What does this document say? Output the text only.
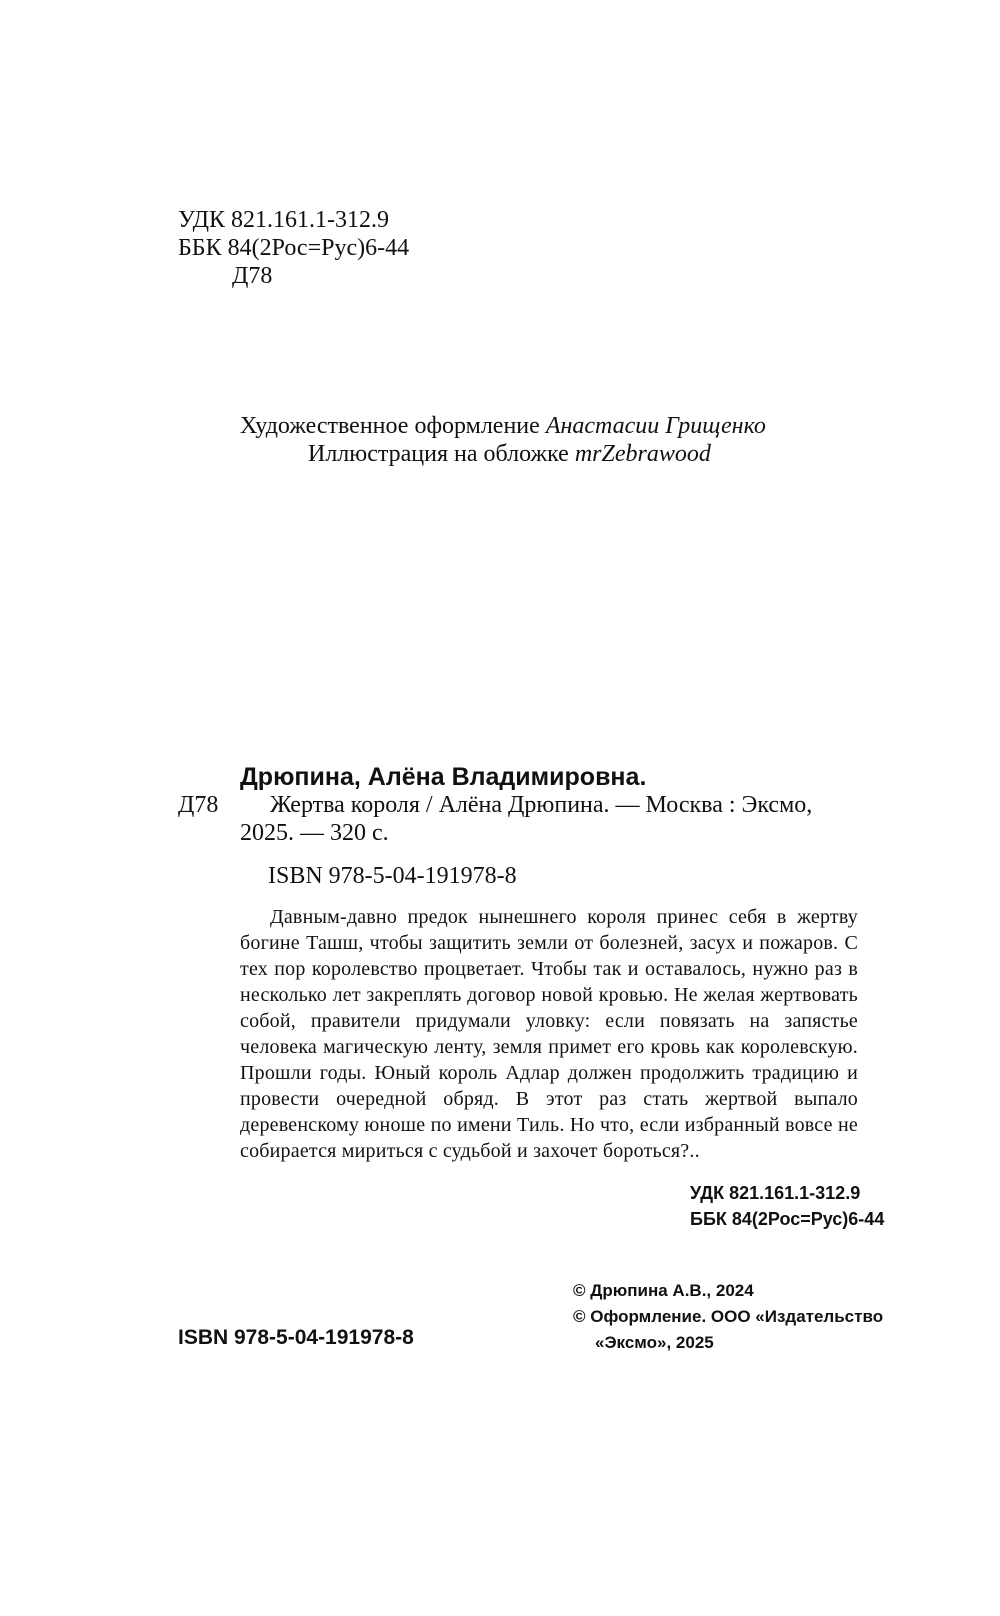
УДК 821.161.1-312.9
ББК 84(2Рос=Рус)6-44
Д78
Художественное оформление Анастасии Грищенко
Иллюстрация на обложке mrZebrawood
Дрюпина, Алёна Владимировна.
Д78 Жертва короля / Алёна Дрюпина. — Москва : Эксмо,
2025. — 320 с.
ISBN 978-5-04-191978-8
Давным-давно предок нынешнего короля принес себя в жертву богине Ташш, чтобы защитить земли от болезней, засух и пожаров. С тех пор королевство процветает. Чтобы так и оставалось, нужно раз в несколько лет закреплять договор новой кровью. Не желая жертвовать собой, правители придумали уловку: если повязать на запястье человека магическую ленту, земля примет его кровь как королевскую. Прошли годы. Юный король Адлар должен продолжить традицию и провести очередной обряд. В этот раз стать жертвой выпало деревенскому юноше по имени Тиль. Но что, если избранный вовсе не собирается мириться с судьбой и захочет бороться?..
УДК 821.161.1-312.9
ББК 84(2Рос=Рус)6-44
© Дрюпина А.В., 2024
© Оформление. ООО «Издательство
«Эксмо», 2025
ISBN 978-5-04-191978-8
